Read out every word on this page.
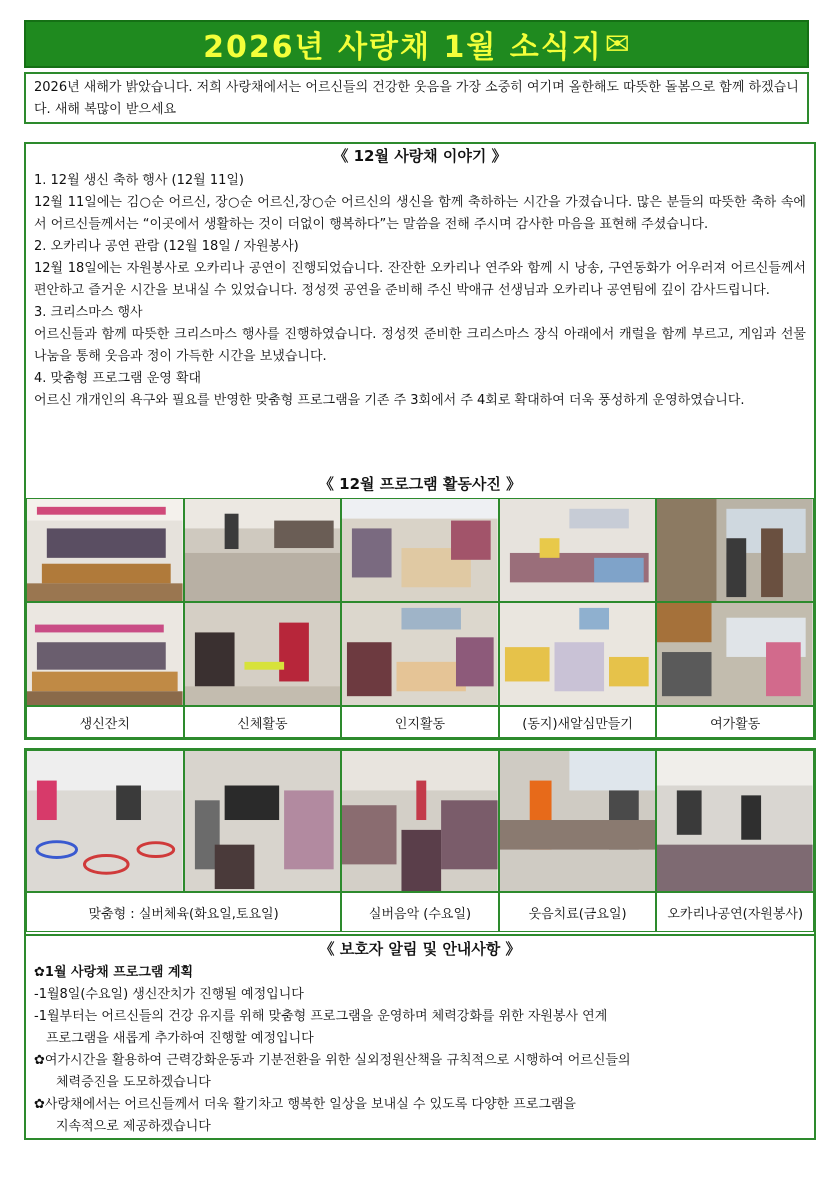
2026년 사랑채 1월 소식지 ✉
2026년 새해가 밝았습니다. 저희 사랑채에서는 어르신들의 건강한 웃음을 가장 소중히 여기며 올한해도 따뜻한 돌봄으로 함께 하겠습니다. 새해 복많이 받으세요
《 12월 사랑채 이야기 》
1. 12월 생신 축하 행사 (12월 11일)

12월 11일에는 김○순 어르신, 장○순 어르신,장○순 어르신의 생신을 함께 축하하는 시간을 가졌습니다. 많은 분들의 따뜻한 축하 속에서 어르신들께서는 “이곳에서 생활하는 것이 더없이 행복하다”는 말씀을 전해 주시며 감사한 마음을 표현해 주셨습니다.

2. 오카리나 공연 관람 (12월 18일 / 자원봉사)

12월 18일에는 자원봉사로 오카리나 공연이 진행되었습니다. 잔잔한 오카리나 연주와 함께 시 낭송, 구연동화가 어우러져 어르신들께서 편안하고 즐거운 시간을 보내실 수 있었습니다. 정성껏 공연을 준비해 주신 박애규 선생님과 오카리나 공연팀에 깊이 감사드립니다.

3. 크리스마스 행사

어르신들과 함께 따뜻한 크리스마스 행사를 진행하였습니다. 정성껏 준비한 크리스마스 장식 아래에서 캐럴을 함께 부르고, 게임과 선물 나눔을 통해 웃음과 정이 가득한 시간을 보냈습니다.

4. 맞춤형 프로그램 운영 확대

어르신 개개인의 욕구와 필요를 반영한 맞춤형 프로그램을 기존 주 3회에서 주 4회로 확대하여 더욱 풍성하게 운영하였습니다.

《 12월 프로그램 활동사진 》
생신잔치	신체활동	인지활동	(동지)새알심만들기	여가활동
맞춤형 : 실버체육(화요일,토요일)	실버음악 (수요일)	웃음치료(금요일)	오카리나공연(자원봉사)
《 보호자 알림 및 안내사항 》
✿1월 사랑채 프로그램 계획
-1월8일(수요일) 생신잔치가 진행될 예정입니다
-1월부터는 어르신들의 건강 유지를 위해 맞춤형 프로그램을 운영하며 체력강화를 위한 자원봉사 연계
프로그램을 새롭게 추가하여 진행할 예정입니다
✿여가시간을 활용하여 근력강화운동과 기분전환을 위한 실외정원산책을 규칙적으로 시행하여 어르신들의
체력증진을 도모하겠습니다
✿사랑채에서는 어르신들께서 더욱 활기차고 행복한 일상을 보내실 수 있도록 다양한 프로그램을
지속적으로 제공하겠습니다
